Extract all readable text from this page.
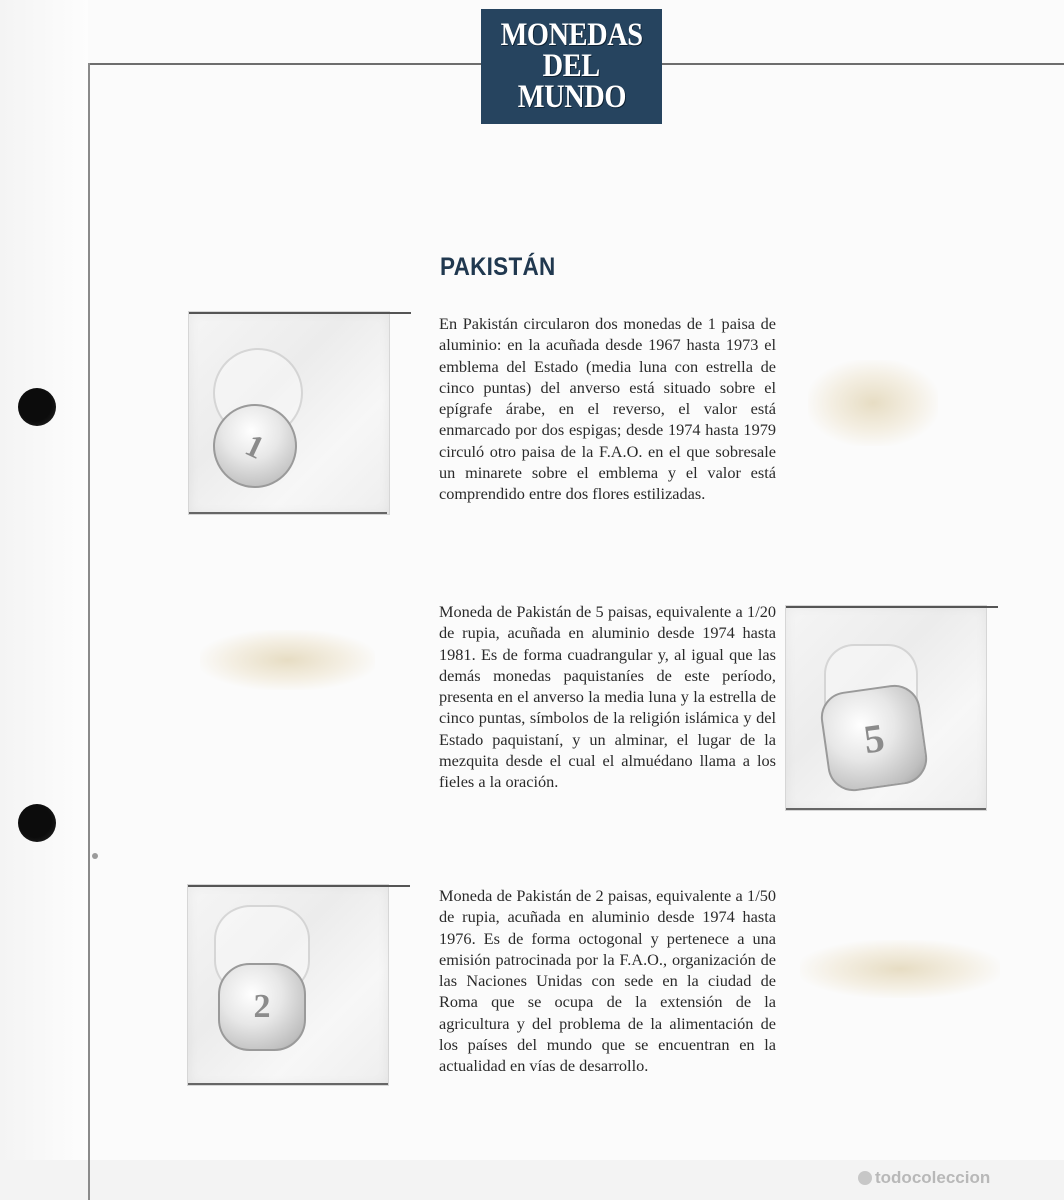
MONEDAS
DEL
MUNDO
PAKISTÁN
En Pakistán circularon dos monedas de 1 paisa de aluminio: en la acuñada desde 1967 hasta 1973 el emblema del Estado (media luna con estrella de cinco puntas) del anverso está situado sobre el epígrafe árabe, en el reverso, el valor está enmarcado por dos espigas; desde 1974 hasta 1979 circuló otro paisa de la F.A.O. en el que sobresale un minarete sobre el emblema y el valor está comprendido entre dos flores estilizadas.
Moneda de Pakistán de 5 paisas, equivalente a 1/20 de rupia, acuñada en aluminio desde 1974 hasta 1981. Es de forma cuadrangular y, al igual que las demás monedas paquistaníes de este período, presenta en el anverso la media luna y la estrella de cinco puntas, símbolos de la religión islámica y del Estado paquistaní, y un alminar, el lugar de la mezquita desde el cual el almuédano llama a los fieles a la oración.
Moneda de Pakistán de 2 paisas, equivalente a 1/50 de rupia, acuñada en aluminio desde 1974 hasta 1976. Es de forma octogonal y pertenece a una emisión patrocinada por la F.A.O., organización de las Naciones Unidas con sede en la ciudad de Roma que se ocupa de la extensión de la agricultura y del problema de la alimentación de los países del mundo que se encuentran en la actualidad en vías de desarrollo.
1
5
2
todocoleccion
